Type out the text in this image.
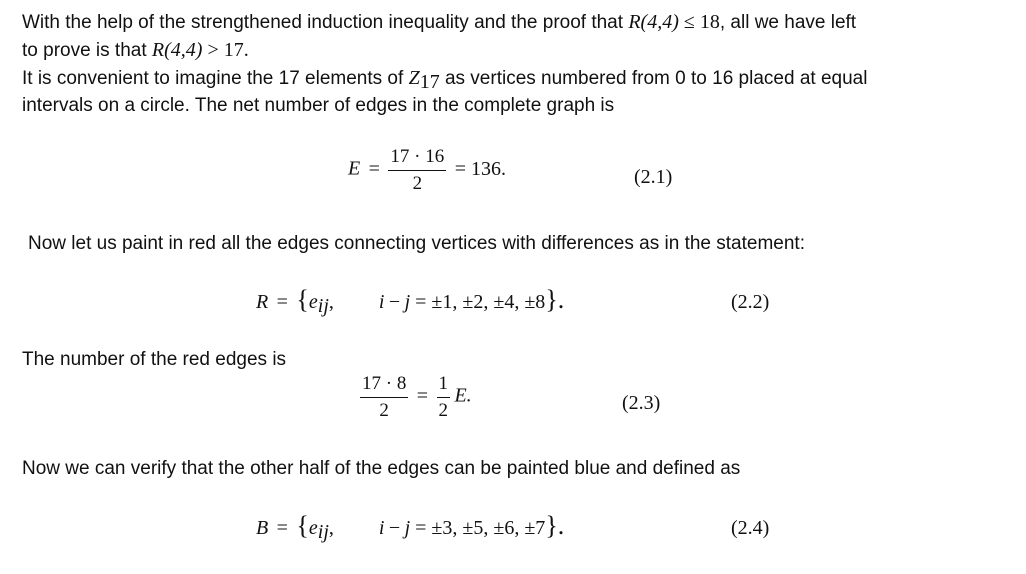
With the help of the strengthened induction inequality and the proof that R(4,4) ≤ 18, all we have left
to prove is that R(4,4) > 17.
It is convenient to imagine the 17 elements of $Z_{17}$ as vertices numbered from 0 to 16 placed at equal
intervals on a circle. The net number of edges in the complete graph is
$E = \frac{17 \cdot 16}{2} = 136$.	(2.1)
Now let us paint in red all the edges connecting vertices with differences as in the statement:
$R = \{e_{ij}$, i − j = ±1, ±2, ±4, ±8}.	(2.2)
The number of the red edges is
$\frac{17 \cdot 8}{2} = \frac{1}{2} E$.	(2.3)
Now we can verify that the other half of the edges can be painted blue and defined as
$B = \{e_{ij}$, i − j = ±3, ±5, ±6, ±7}.	(2.4)
